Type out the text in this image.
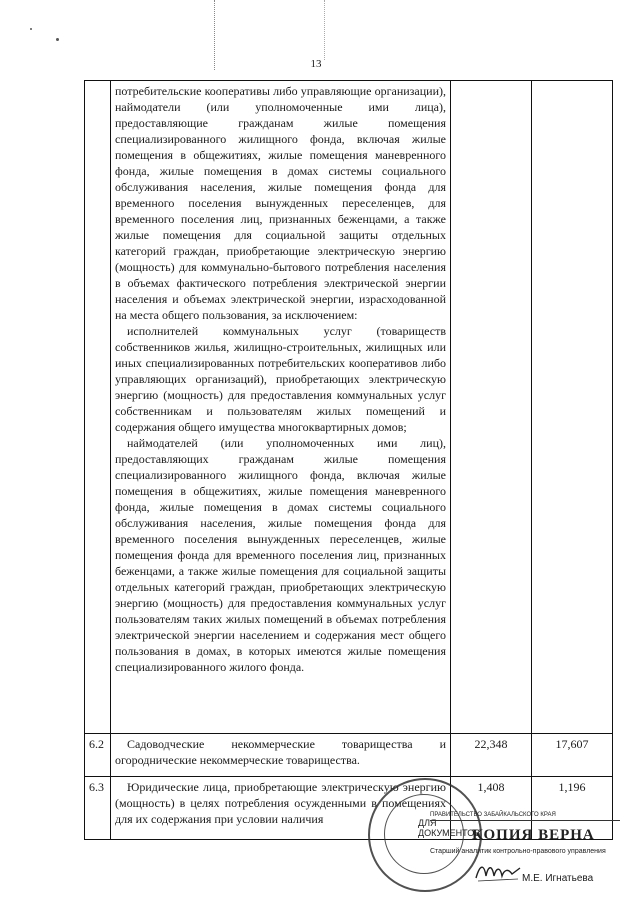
13

	потребительские кооперативы либо управляющие организации), наймодатели (или уполномоченные ими лица), предоставляющие гражданам жилые помещения специализированного жилищного фонда, включая жилые помещения в общежитиях, жилые помещения маневренного фонда, жилые помещения в домах системы социального обслуживания населения, жилые помещения фонда для временного поселения вынужденных переселенцев, для временного поселения лиц, признанных беженцами, а также жилые помещения для социальной защиты отдельных категорий граждан, приобретающие электрическую энергию (мощность) для коммунально-бытового потребления населения в объемах фактического потребления электрической энергии населения и объемах электрической энергии, израсходованной на места общего пользования, за исключением:

исполнителей коммунальных услуг (товариществ собственников жилья, жилищно-строительных, жилищных или иных специализированных потребительских кооперативов либо управляющих организаций), приобретающих электрическую энергию (мощность) для предоставления коммунальных услуг собственникам и пользователям жилых помещений и содержания общего имущества многоквартирных домов;

наймодателей (или уполномоченных ими лиц), предоставляющих гражданам жилые помещения специализированного жилищного фонда, включая жилые помещения в общежитиях, жилые помещения маневренного фонда, жилые помещения в домах системы социального обслуживания населения, жилые помещения фонда для временного поселения вынужденных переселенцев, жилые помещения фонда для временного поселения лиц, признанных беженцами, а также жилые помещения для социальной защиты отдельных категорий граждан, приобретающих электрическую энергию (мощность) для предоставления коммунальных услуг пользователям таких жилых помещений в объемах потребления электрической энергии населением и содержания мест общего пользования в домах, в которых имеются жилые помещения специализированного жилого фонда.		

6.2	Садоводческие некоммерческие товарищества и огороднические некоммерческие товарищества.	22,348	17,607
6.3	Юридические лица, приобретающие электрическую энергию (мощность) в целях потребления осужденными в помещениях для их содержания при условии наличия	1,408	1,196
ДЛЯ
ДОКУМЕНТОВ
ПРАВИТЕЛЬСТВО ЗАБАЙКАЛЬСКОГО КРАЯ
КОПИЯ ВЕРНА
Старший аналитик контрольно-правового управления
М.Е. Игнатьева
